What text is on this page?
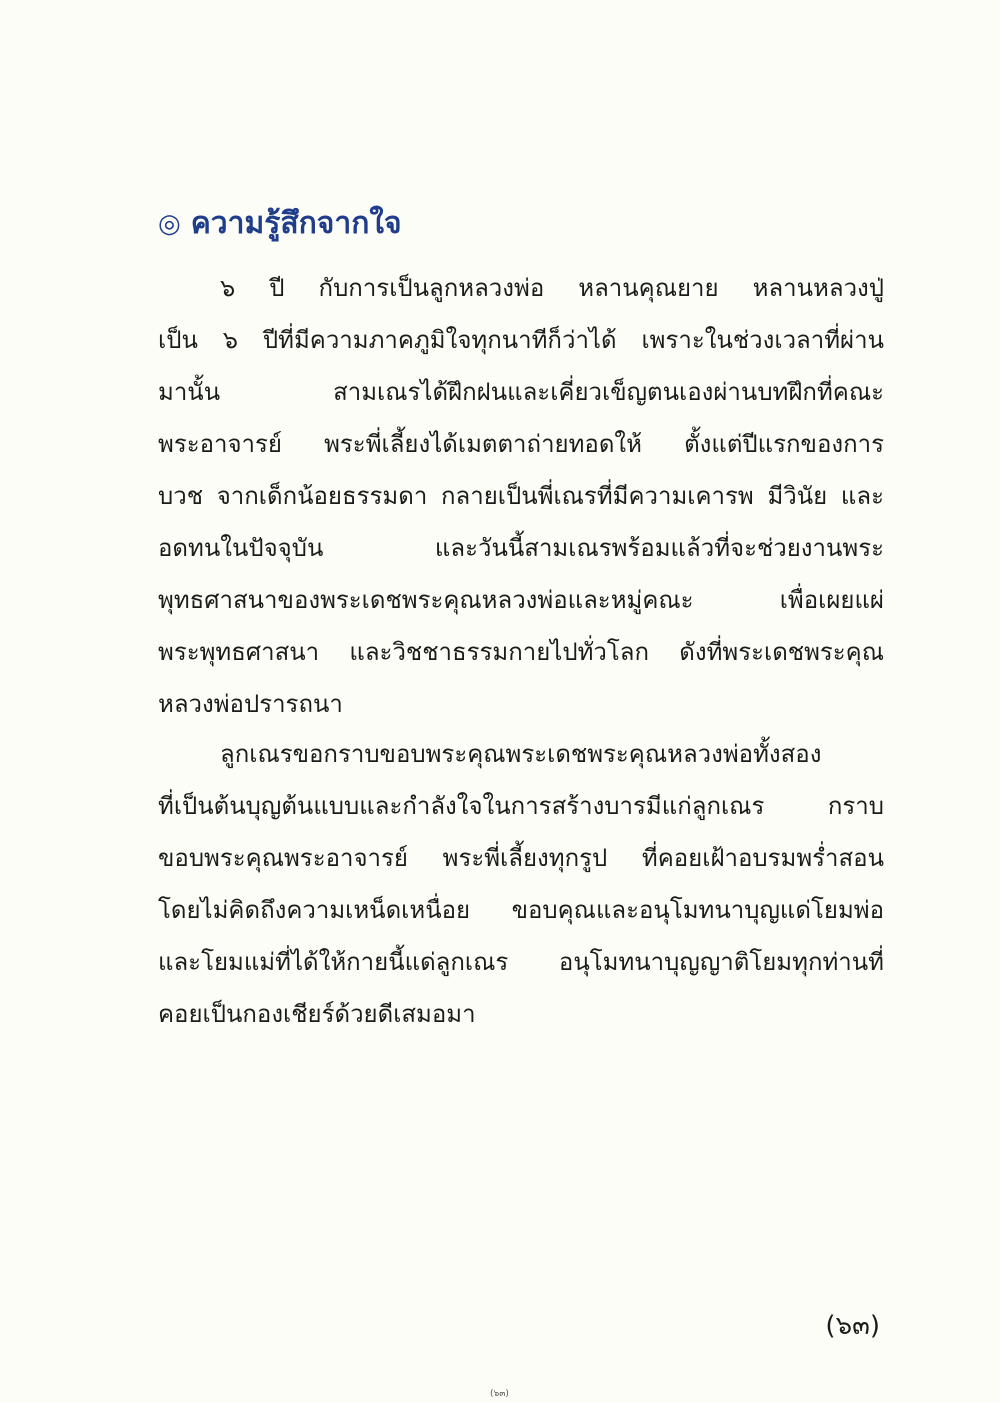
◎ ความรู้สึกจากใจ
๖ ปี กับการเป็นลูกหลวงพ่อ หลานคุณยาย หลานหลวงปู่
เป็น ๖ ปีที่มีความภาคภูมิใจทุกนาทีก็ว่าได้ เพราะในช่วงเวลาที่ผ่าน
มานั้น สามเณรได้ฝึกฝนและเคี่ยวเข็ญตนเองผ่านบทฝึกที่คณะ
พระอาจารย์ พระพี่เลี้ยงได้เมตตาถ่ายทอดให้ ตั้งแต่ปีแรกของการ
บวช จากเด็กน้อยธรรมดา กลายเป็นพี่เณรที่มีความเคารพ มีวินัย และ
อดทนในปัจจุบัน และวันนี้สามเณรพร้อมแล้วที่จะช่วยงานพระ
พุทธศาสนาของพระเดชพระคุณหลวงพ่อและหมู่คณะ เพื่อเผยแผ่
พระพุทธศาสนา และวิชชาธรรมกายไปทั่วโลก ดังที่พระเดชพระคุณ
หลวงพ่อปรารถนา
ลูกเณรขอกราบขอบพระคุณพระเดชพระคุณหลวงพ่อทั้งสอง
ที่เป็นต้นบุญต้นแบบและกำลังใจในการสร้างบารมีแก่ลูกเณร กราบ
ขอบพระคุณพระอาจารย์ พระพี่เลี้ยงทุกรูป ที่คอยเฝ้าอบรมพร่ำสอน
โดยไม่คิดถึงความเหน็ดเหนื่อย ขอบคุณและอนุโมทนาบุญแด่โยมพ่อ
และโยมแม่ที่ได้ให้กายนี้แด่ลูกเณร อนุโมทนาบุญญาติโยมทุกท่านที่
คอยเป็นกองเชียร์ด้วยดีเสมอมา
(๖๓)
(๖๓)
